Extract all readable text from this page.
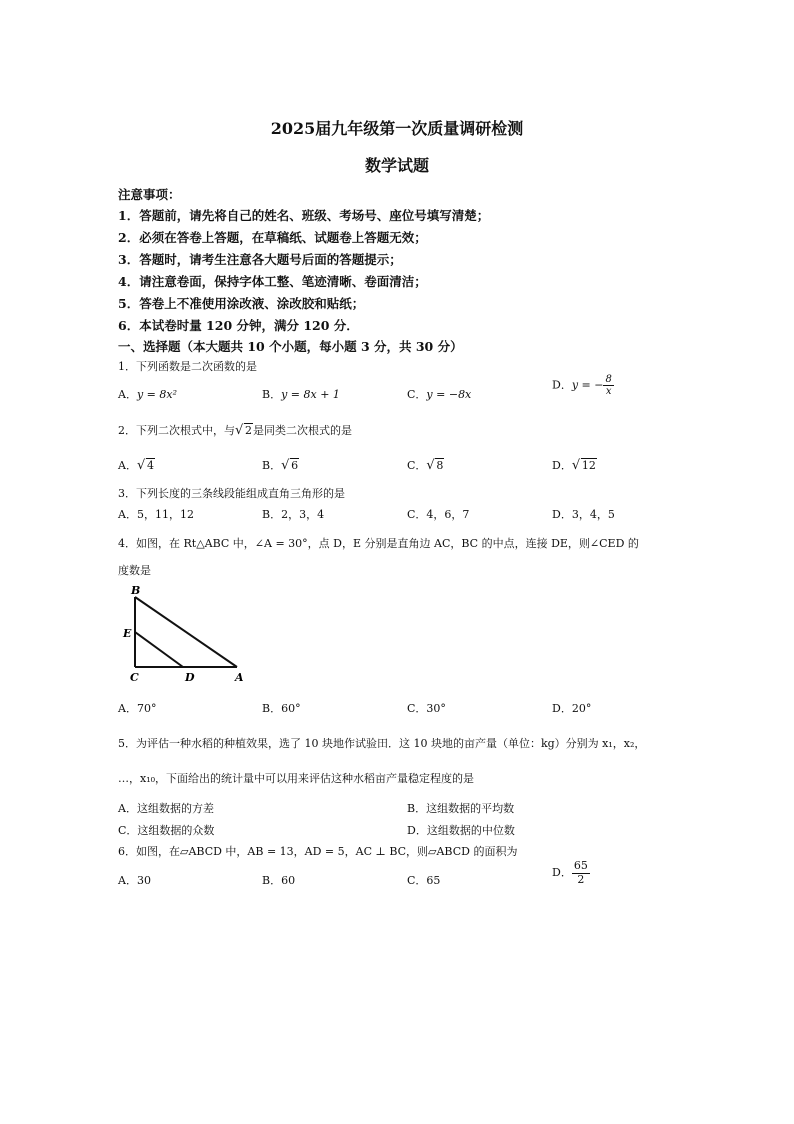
2025届九年级第一次质量调研检测
数学试题
注意事项：
1．答题前，请先将自己的姓名、班级、考场号、座位号填写清楚；
2．必须在答卷上答题，在草稿纸、试题卷上答题无效；
3．答题时，请考生注意各大题号后面的答题提示；
4．请注意卷面，保持字体工整、笔迹清晰、卷面清洁；
5．答卷上不准使用涂改液、涂改胶和贴纸；
6．本试卷时量 120 分钟，满分 120 分．
一、选择题（本大题共 10 个小题，每小题 3 分，共 30 分）
1．下列函数是二次函数的是
A．y = 8x²	B．y = 8x + 1	C．y = −8x
D．y = − $\frac{8}{x}$
2．下列二次根式中，与 √ 2是同类二次根式的是
A． √ 4	B． √ 6	C． √ 8	D． √ 12
3．下列长度的三条线段能组成直角三角形的是
A．5，11，12	B．2，3，4	C．4，6，7	D．3，4，5
4．如图，在 Rt△ABC 中，∠A = 30°，点 D，E 分别是直角边 AC，BC 的中点，连接 DE，则∠CED 的
度数是
B
E
C	D	A
A．70°	B．60°	C．30°	D．20°
5．为评估一种水稻的种植效果，选了 10 块地作试验田．这 10 块地的亩产量（单位：kg）分别为 x₁，x₂，
…，x₁₀，下面给出的统计量中可以用来评估这种水稻亩产量稳定程度的是
A．这组数据的方差	B．这组数据的平均数
C．这组数据的众数	D．这组数据的中位数
6．如图，在▱ABCD 中，AB = 13，AD = 5，AC ⊥ BC，则▱ABCD 的面积为
A．30	B．60	C．65
D． $\frac{65}{2}$
